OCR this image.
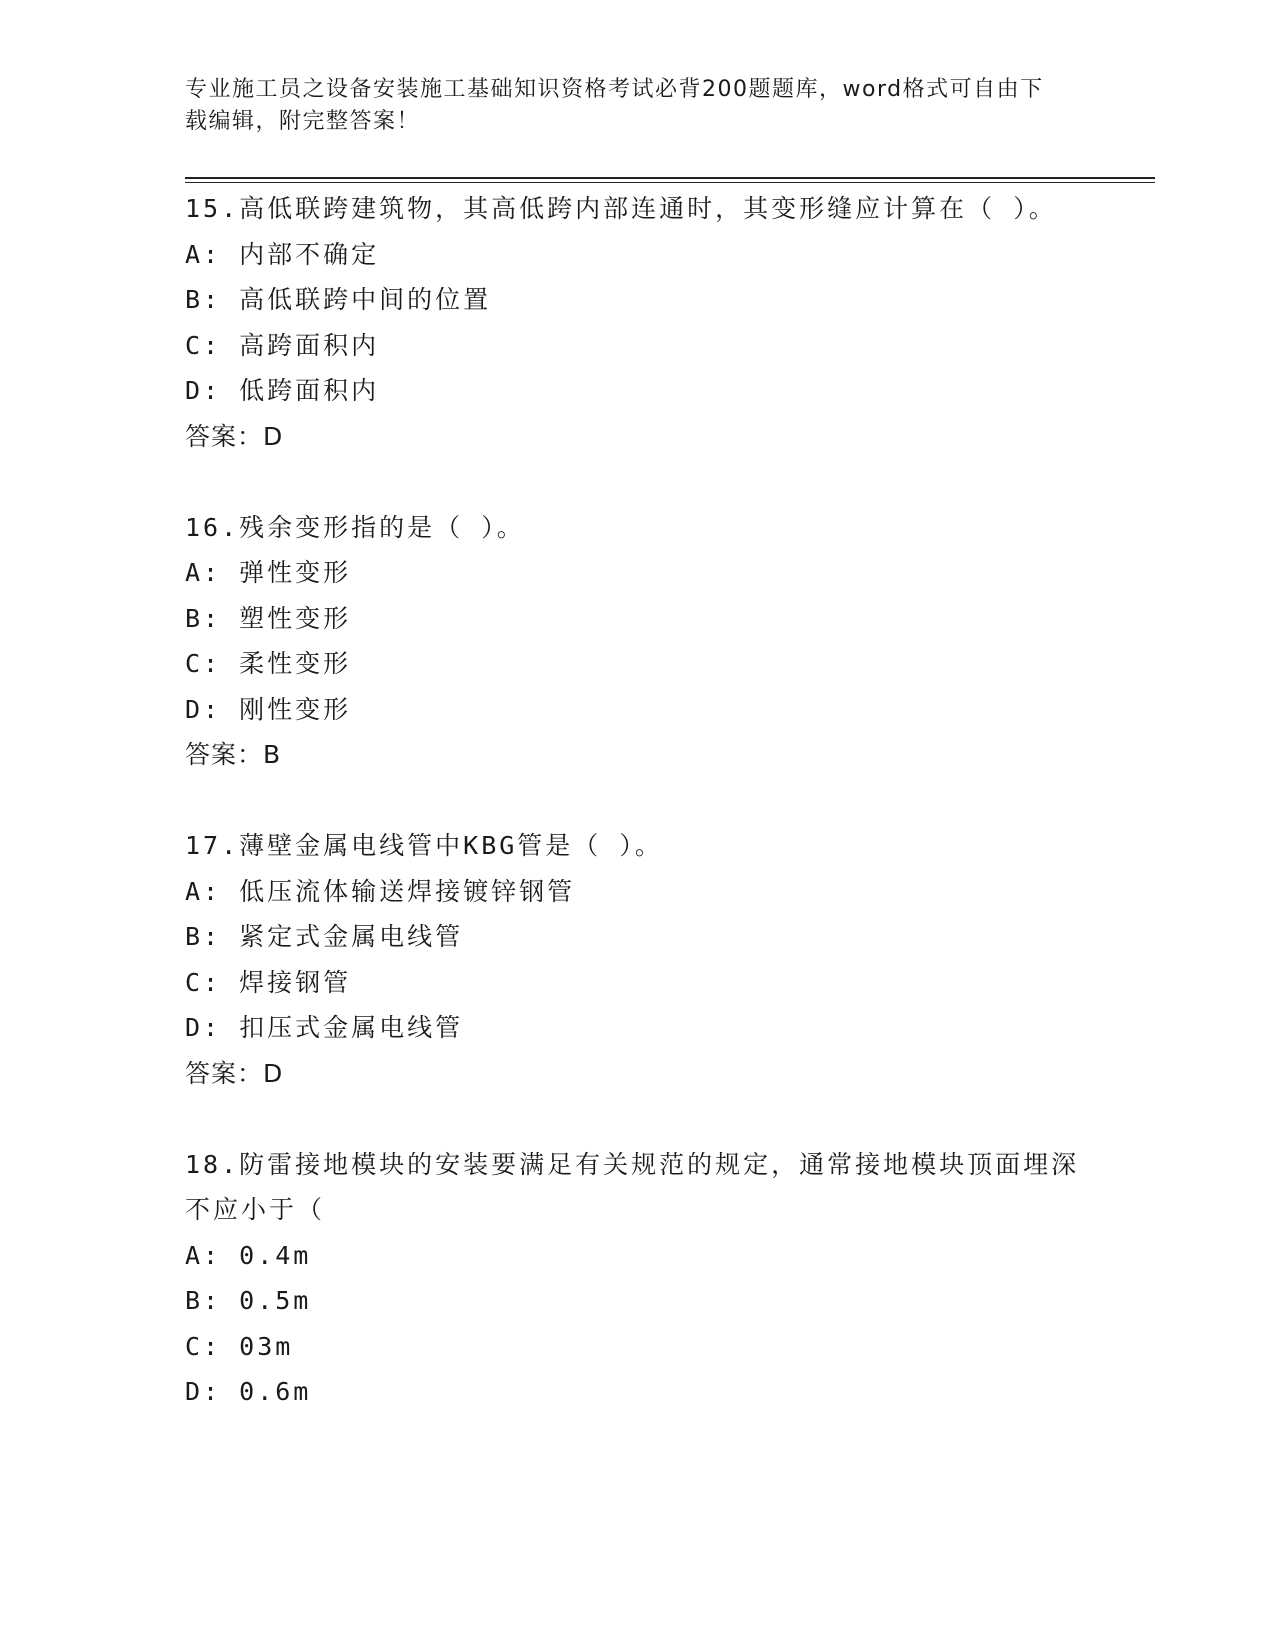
专业施工员之设备安装施工基础知识资格考试必背200题题库，word格式可自由下载编辑，附完整答案！
15.高低联跨建筑物，其高低跨内部连通时，其变形缝应计算在（ ）。
A: 内部不确定
B: 高低联跨中间的位置
C: 高跨面积内
D: 低跨面积内
答案：D
16.残余变形指的是（ ）。
A: 弹性变形
B: 塑性变形
C: 柔性变形
D: 刚性变形
答案：B
17.薄壁金属电线管中KBG管是（ ）。
A: 低压流体输送焊接镀锌钢管
B: 紧定式金属电线管
C: 焊接钢管
D: 扣压式金属电线管
答案：D
18.防雷接地模块的安装要满足有关规范的规定，通常接地模块顶面埋深不应小于（
A: 0.4m
B: 0.5m
C: 03m
D: 0.6m
